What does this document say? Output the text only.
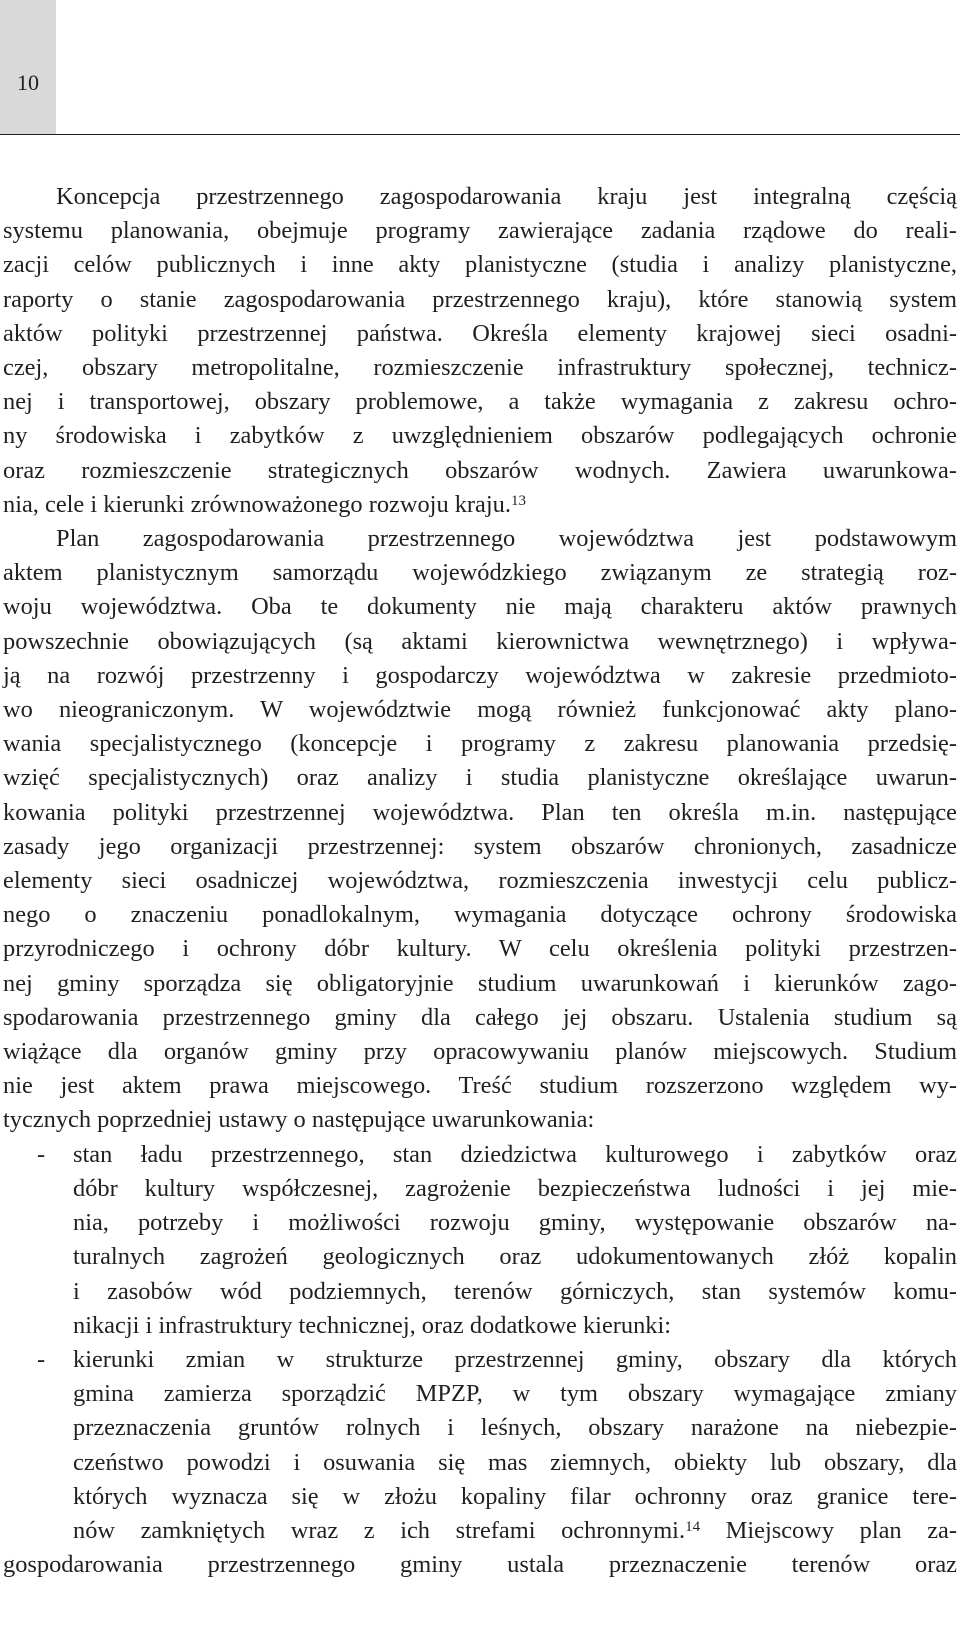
10
Koncepcja przestrzennego zagospodarowania kraju jest integralną częścią
systemu planowania, obejmuje programy zawierające zadania rządowe do reali-
zacji celów publicznych i inne akty planistyczne (studia i analizy planistyczne,
raporty o stanie zagospodarowania przestrzennego kraju), które stanowią system
aktów polityki przestrzennej państwa. Określa elementy krajowej sieci osadni-
czej, obszary metropolitalne, rozmieszczenie infrastruktury społecznej, technicz-
nej i transportowej, obszary problemowe, a także wymagania z zakresu ochro-
ny środowiska i zabytków z uwzględnieniem obszarów podlegających ochronie
oraz rozmieszczenie strategicznych obszarów wodnych. Zawiera uwarunkowa-
nia, cele i kierunki zrównoważonego rozwoju kraju.$^{13}$
Plan zagospodarowania przestrzennego województwa jest podstawowym
aktem planistycznym samorządu wojewódzkiego związanym ze strategią roz-
woju województwa. Oba te dokumenty nie mają charakteru aktów prawnych
powszechnie obowiązujących (są aktami kierownictwa wewnętrznego) i wpływa-
ją na rozwój przestrzenny i gospodarczy województwa w zakresie przedmioto-
wo nieograniczonym. W województwie mogą również funkcjonować akty plano-
wania specjalistycznego (koncepcje i programy z zakresu planowania przedsię-
wzięć specjalistycznych) oraz analizy i studia planistyczne określające uwarun-
kowania polityki przestrzennej województwa. Plan ten określa m.in. następujące
zasady jego organizacji przestrzennej: system obszarów chronionych, zasadnicze
elementy sieci osadniczej województwa, rozmieszczenia inwestycji celu publicz-
nego o znaczeniu ponadlokalnym, wymagania dotyczące ochrony środowiska
przyrodniczego i ochrony dóbr kultury. W celu określenia polityki przestrzen-
nej gminy sporządza się obligatoryjnie studium uwarunkowań i kierunków zago-
spodarowania przestrzennego gminy dla całego jej obszaru. Ustalenia studium są
wiążące dla organów gminy przy opracowywaniu planów miejscowych. Studium
nie jest aktem prawa miejscowego. Treść studium rozszerzono względem wy-
tycznych poprzedniej ustawy o następujące uwarunkowania:
- stan ładu przestrzennego, stan dziedzictwa kulturowego i zabytków oraz
dóbr kultury współczesnej, zagrożenie bezpieczeństwa ludności i jej mie-
nia, potrzeby i możliwości rozwoju gminy, występowanie obszarów na-
turalnych zagrożeń geologicznych oraz udokumentowanych złóż kopalin
i zasobów wód podziemnych, terenów górniczych, stan systemów komu-
nikacji i infrastruktury technicznej, oraz dodatkowe kierunki:
- kierunki zmian w strukturze przestrzennej gminy, obszary dla których
gmina zamierza sporządzić MPZP, w tym obszary wymagające zmiany
przeznaczenia gruntów rolnych i leśnych, obszary narażone na niebezpie-
czeństwo powodzi i osuwania się mas ziemnych, obiekty lub obszary, dla
których wyznacza się w złożu kopaliny filar ochronny oraz granice tere-
nów zamkniętych wraz z ich strefami ochronnymi.$^{14}$ Miejscowy plan za-
gospodarowania przestrzennego gminy ustala przeznaczenie terenów oraz
